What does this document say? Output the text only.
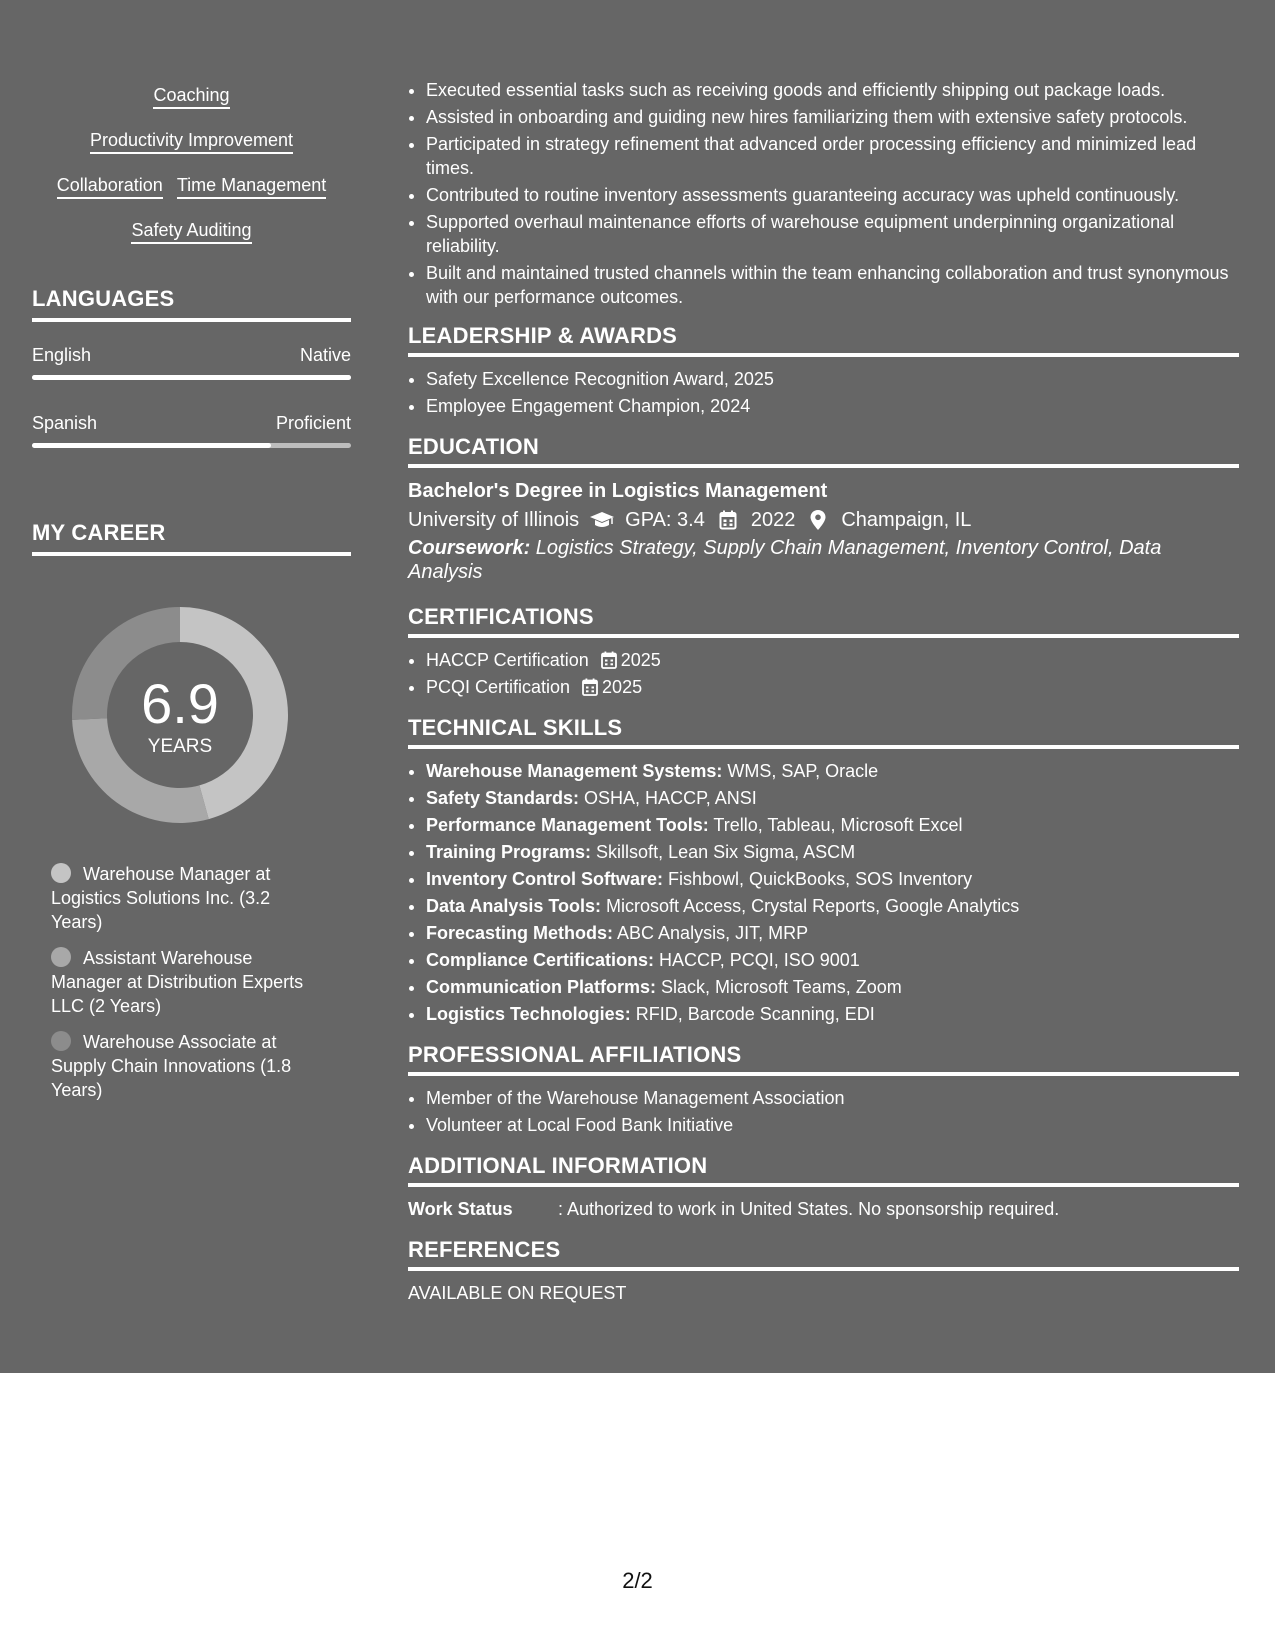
Coaching
Productivity Improvement
Collaboration Time Management
Safety Auditing
LANGUAGES
English	Native
Spanish	Proficient
MY CAREER
6.9
YEARS
Warehouse Manager at Logistics Solutions Inc. (3.2 Years)
Assistant Warehouse Manager at Distribution Experts LLC (2 Years)
Warehouse Associate at Supply Chain Innovations (1.8 Years)
• Executed essential tasks such as receiving goods and efficiently shipping out package loads.
• Assisted in onboarding and guiding new hires familiarizing them with extensive safety protocols.
• Participated in strategy refinement that advanced order processing efficiency and minimized lead times.
• Contributed to routine inventory assessments guaranteeing accuracy was upheld continuously.
• Supported overhaul maintenance efforts of warehouse equipment underpinning organizational reliability.
• Built and maintained trusted channels within the team enhancing collaboration and trust synonymous with our performance outcomes.
LEADERSHIP & AWARDS
• Safety Excellence Recognition Award, 2025
• Employee Engagement Champion, 2024
EDUCATION
Bachelor's Degree in Logistics Management
University of Illinois GPA: 3.4 2022 Champaign, IL
Coursework: Logistics Strategy, Supply Chain Management, Inventory Control, Data Analysis
CERTIFICATIONS
• HACCP Certification 2025
• PCQI Certification 2025
TECHNICAL SKILLS
• Warehouse Management Systems: WMS, SAP, Oracle
• Safety Standards: OSHA, HACCP, ANSI
• Performance Management Tools: Trello, Tableau, Microsoft Excel
• Training Programs: Skillsoft, Lean Six Sigma, ASCM
• Inventory Control Software: Fishbowl, QuickBooks, SOS Inventory
• Data Analysis Tools: Microsoft Access, Crystal Reports, Google Analytics
• Forecasting Methods: ABC Analysis, JIT, MRP
• Compliance Certifications: HACCP, PCQI, ISO 9001
• Communication Platforms: Slack, Microsoft Teams, Zoom
• Logistics Technologies: RFID, Barcode Scanning, EDI
PROFESSIONAL AFFILIATIONS
• Member of the Warehouse Management Association
• Volunteer at Local Food Bank Initiative
ADDITIONAL INFORMATION
Work Status	: Authorized to work in United States. No sponsorship required.
REFERENCES
AVAILABLE ON REQUEST
2/2
